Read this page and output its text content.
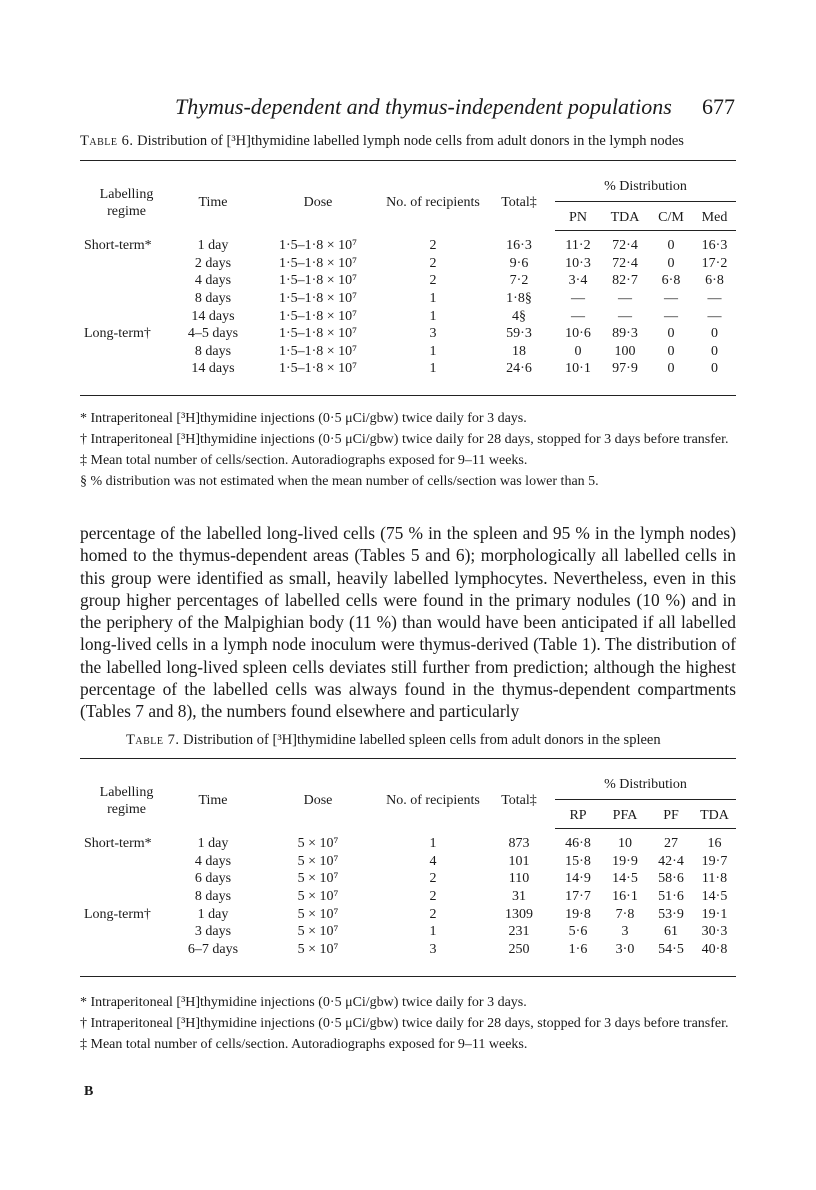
Thymus-dependent and thymus-independent populations 677
Table 6. Distribution of [³H]thymidine labelled lymph node cells from adult donors in the lymph nodes
Labelling regime	Time	Dose	No. of recipients	Total‡	% Distribution			
					PN	TDA	C/M	Med
Short-term*	1 day	1·5–1·8 × 10⁷	2	16·3	11·2	72·4	0	16·3
	2 days	1·5–1·8 × 10⁷	2	9·6	10·3	72·4	0	17·2
	4 days	1·5–1·8 × 10⁷	2	7·2	3·4	82·7	6·8	6·8
	8 days	1·5–1·8 × 10⁷	1	1·8§	—	—	—	—
	14 days	1·5–1·8 × 10⁷	1	4§	—	—	—	—
Long-term†	4–5 days	1·5–1·8 × 10⁷	3	59·3	10·6	89·3	0	0
	8 days	1·5–1·8 × 10⁷	1	18	0	100	0	0
	14 days	1·5–1·8 × 10⁷	1	24·6	10·1	97·9	0	0

* Intraperitoneal [³H]thymidine injections (0·5 μCi/gbw) twice daily for 3 days.

† Intraperitoneal [³H]thymidine injections (0·5 μCi/gbw) twice daily for 28 days, stopped for 3 days before transfer.

‡ Mean total number of cells/section. Autoradiographs exposed for 9–11 weeks.

§ % distribution was not estimated when the mean number of cells/section was lower than 5.

percentage of the labelled long-lived cells (75 % in the spleen and 95 % in the lymph nodes) homed to the thymus-dependent areas (Tables 5 and 6); morphologically all labelled cells in this group were identified as small, heavily labelled lymphocytes. Nevertheless, even in this group higher percentages of labelled cells were found in the primary nodules (10 %) and in the periphery of the Malpighian body (11 %) than would have been anticipated if all labelled long-lived cells in a lymph node inoculum were thymus-derived (Table 1). The distribution of the labelled long-lived spleen cells deviates still further from prediction; although the highest percentage of the labelled cells was always found in the thymus-dependent compartments (Tables 7 and 8), the numbers found elsewhere and particularly

Table 7. Distribution of [³H]thymidine labelled spleen cells from adult donors in the spleen
Labelling regime	Time	Dose	No. of recipients	Total‡	% Distribution			
					RP	PFA	PF	TDA
Short-term*	1 day	5 × 10⁷	1	873	46·8	10	27	16
	4 days	5 × 10⁷	4	101	15·8	19·9	42·4	19·7
	6 days	5 × 10⁷	2	110	14·9	14·5	58·6	11·8
	8 days	5 × 10⁷	2	31	17·7	16·1	51·6	14·5
Long-term†	1 day	5 × 10⁷	2	1309	19·8	7·8	53·9	19·1
	3 days	5 × 10⁷	1	231	5·6	3	61	30·3
	6–7 days	5 × 10⁷	3	250	1·6	3·0	54·5	40·8

* Intraperitoneal [³H]thymidine injections (0·5 μCi/gbw) twice daily for 3 days.

† Intraperitoneal [³H]thymidine injections (0·5 μCi/gbw) twice daily for 28 days, stopped for 3 days before transfer.

‡ Mean total number of cells/section. Autoradiographs exposed for 9–11 weeks.

B
